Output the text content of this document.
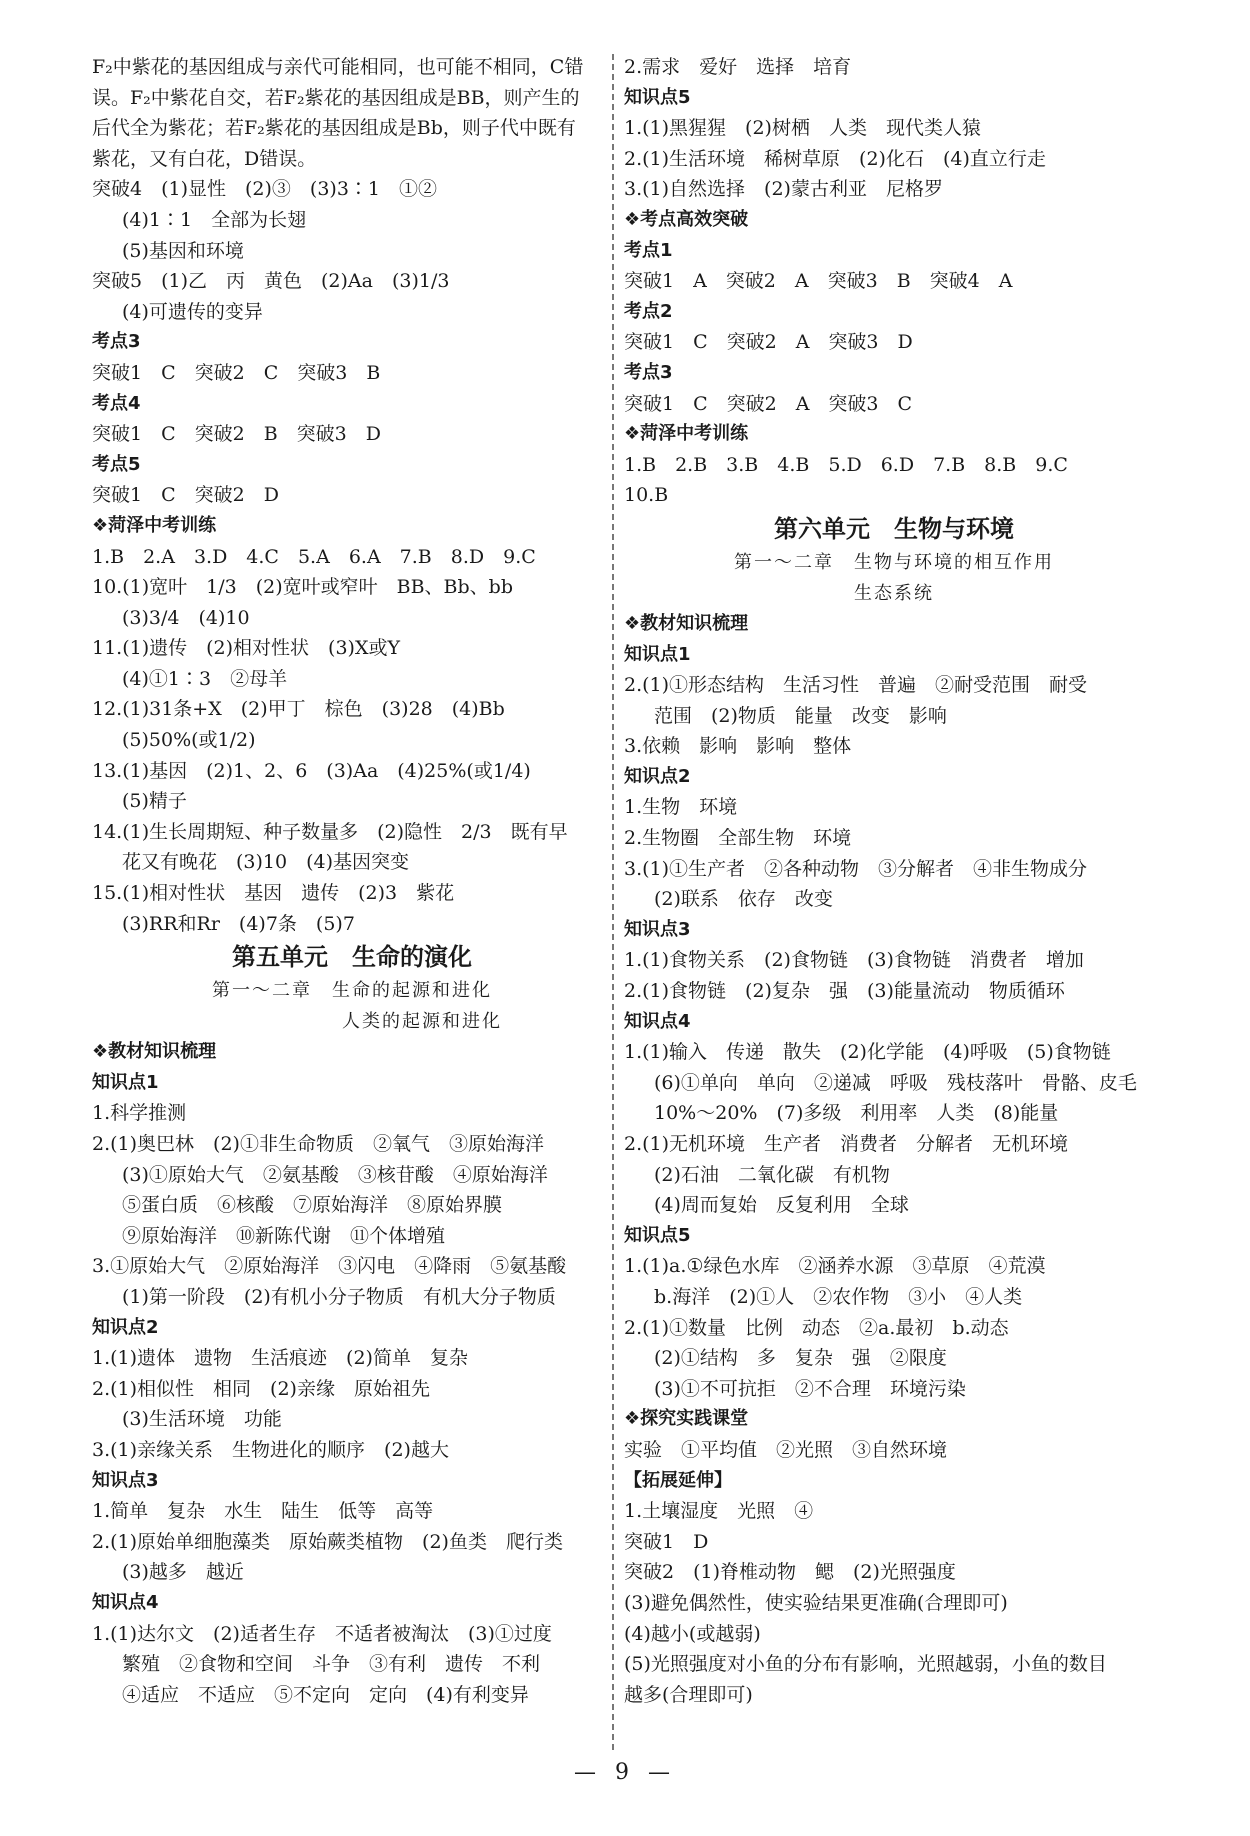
F₂中紫花的基因组成与亲代可能相同，也可能不相同，C错
误。F₂中紫花自交，若F₂紫花的基因组成是BB，则产生的
后代全为紫花；若F₂紫花的基因组成是Bb，则子代中既有
紫花，又有白花，D错误。
突破4　(1)显性　(2)③　(3)3∶1　①②
(4)1∶1　全部为长翅
(5)基因和环境
突破5　(1)乙　丙　黄色　(2)Aa　(3)1/3
(4)可遗传的变异
考点3
突破1　C　突破2　C　突破3　B
考点4
突破1　C　突破2　B　突破3　D
考点5
突破1　C　突破2　D
❖菏泽中考训练
1.B　2.A　3.D　4.C　5.A　6.A　7.B　8.D　9.C
10.(1)宽叶　1/3　(2)宽叶或窄叶　BB、Bb、bb
(3)3/4　(4)10
11.(1)遗传　(2)相对性状　(3)X或Y
(4)①1∶3　②母羊
12.(1)31条+X　(2)甲丁　棕色　(3)28　(4)Bb
(5)50%(或1/2)
13.(1)基因　(2)1、2、6　(3)Aa　(4)25%(或1/4)
(5)精子
14.(1)生长周期短、种子数量多　(2)隐性　2/3　既有早
花又有晚花　(3)10　(4)基因突变
15.(1)相对性状　基因　遗传　(2)3　紫花
(3)RR和Rr　(4)7条　(5)7
第五单元　生命的演化
第一～二章　生命的起源和进化
人类的起源和进化
❖教材知识梳理
知识点1
1.科学推测
2.(1)奥巴林　(2)①非生命物质　②氧气　③原始海洋
(3)①原始大气　②氨基酸　③核苷酸　④原始海洋
⑤蛋白质　⑥核酸　⑦原始海洋　⑧原始界膜
⑨原始海洋　⑩新陈代谢　⑪个体增殖
3.①原始大气　②原始海洋　③闪电　④降雨　⑤氨基酸
(1)第一阶段　(2)有机小分子物质　有机大分子物质
知识点2
1.(1)遗体　遗物　生活痕迹　(2)简单　复杂
2.(1)相似性　相同　(2)亲缘　原始祖先
(3)生活环境　功能
3.(1)亲缘关系　生物进化的顺序　(2)越大
知识点3
1.简单　复杂　水生　陆生　低等　高等
2.(1)原始单细胞藻类　原始蕨类植物　(2)鱼类　爬行类
(3)越多　越近
知识点4
1.(1)达尔文　(2)适者生存　不适者被淘汰　(3)①过度
繁殖　②食物和空间　斗争　③有利　遗传　不利
④适应　不适应　⑤不定向　定向　(4)有利变异
2.需求　爱好　选择　培育
知识点5
1.(1)黑猩猩　(2)树栖　人类　现代类人猿
2.(1)生活环境　稀树草原　(2)化石　(4)直立行走
3.(1)自然选择　(2)蒙古利亚　尼格罗
❖考点高效突破
考点1
突破1　A　突破2　A　突破3　B　突破4　A
考点2
突破1　C　突破2　A　突破3　D
考点3
突破1　C　突破2　A　突破3　C
❖菏泽中考训练
1.B　2.B　3.B　4.B　5.D　6.D　7.B　8.B　9.C
10.B
第六单元　生物与环境
第一～二章　生物与环境的相互作用
生态系统
❖教材知识梳理
知识点1
2.(1)①形态结构　生活习性　普遍　②耐受范围　耐受
范围　(2)物质　能量　改变　影响
3.依赖　影响　影响　整体
知识点2
1.生物　环境
2.生物圈　全部生物　环境
3.(1)①生产者　②各种动物　③分解者　④非生物成分
(2)联系　依存　改变
知识点3
1.(1)食物关系　(2)食物链　(3)食物链　消费者　增加
2.(1)食物链　(2)复杂　强　(3)能量流动　物质循环
知识点4
1.(1)输入　传递　散失　(2)化学能　(4)呼吸　(5)食物链
(6)①单向　单向　②递减　呼吸　残枝落叶　骨骼、皮毛
10%～20%　(7)多级　利用率　人类　(8)能量
2.(1)无机环境　生产者　消费者　分解者　无机环境
(2)石油　二氧化碳　有机物
(4)周而复始　反复利用　全球
知识点5
1.(1)a.①绿色水库　②涵养水源　③草原　④荒漠
b.海洋　(2)①人　②农作物　③小　④人类
2.(1)①数量　比例　动态　②a.最初　b.动态
(2)①结构　多　复杂　强　②限度
(3)①不可抗拒　②不合理　环境污染
❖探究实践课堂
实验　①平均值　②光照　③自然环境
【拓展延伸】
1.土壤湿度　光照　④
突破1　D
突破2　(1)脊椎动物　鳃　(2)光照强度
(3)避免偶然性，使实验结果更准确(合理即可)
(4)越小(或越弱)
(5)光照强度对小鱼的分布有影响，光照越弱，小鱼的数目
越多(合理即可)
— 9 —
